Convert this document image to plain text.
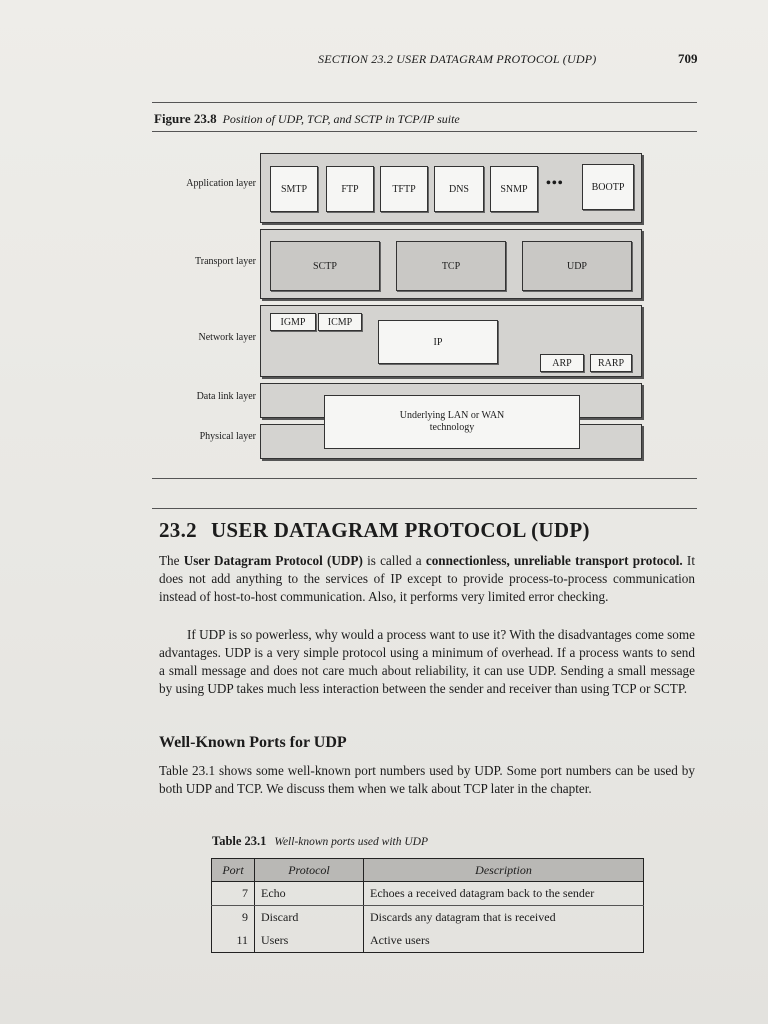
SECTION 23.2 USER DATAGRAM PROTOCOL (UDP)	709
Figure 23.8 Position of UDP, TCP, and SCTP in TCP/IP suite
Application layer	SMTP	FTP	TFTP	DNS	SNMP	•••	BOOTP
Transport layer	SCTP	TCP	UDP
Network layer
IGMP	ICMP
IP
ARP	RARP
Data link layer
Physical layer
Underlying LAN or WAN technology
23.2 USER DATAGRAM PROTOCOL (UDP)

The User Datagram Protocol (UDP) is called a connectionless, unreliable transport protocol. It does not add anything to the services of IP except to provide process-to-process communication instead of host-to-host communication. Also, it performs very limited error checking.

If UDP is so powerless, why would a process want to use it? With the disadvantages come some advantages. UDP is a very simple protocol using a minimum of overhead. If a process wants to send a small message and does not care much about reliability, it can use UDP. Sending a small message by using UDP takes much less interaction between the sender and receiver than using TCP or SCTP.

Well-Known Ports for UDP

Table 23.1 shows some well-known port numbers used by UDP. Some port numbers can be used by both UDP and TCP. We discuss them when we talk about TCP later in the chapter.

Table 23.1 Well-known ports used with UDP
Port	Protocol	Description
7	Echo	Echoes a received datagram back to the sender
9	Discard	Discards any datagram that is received
11	Users	Active users
